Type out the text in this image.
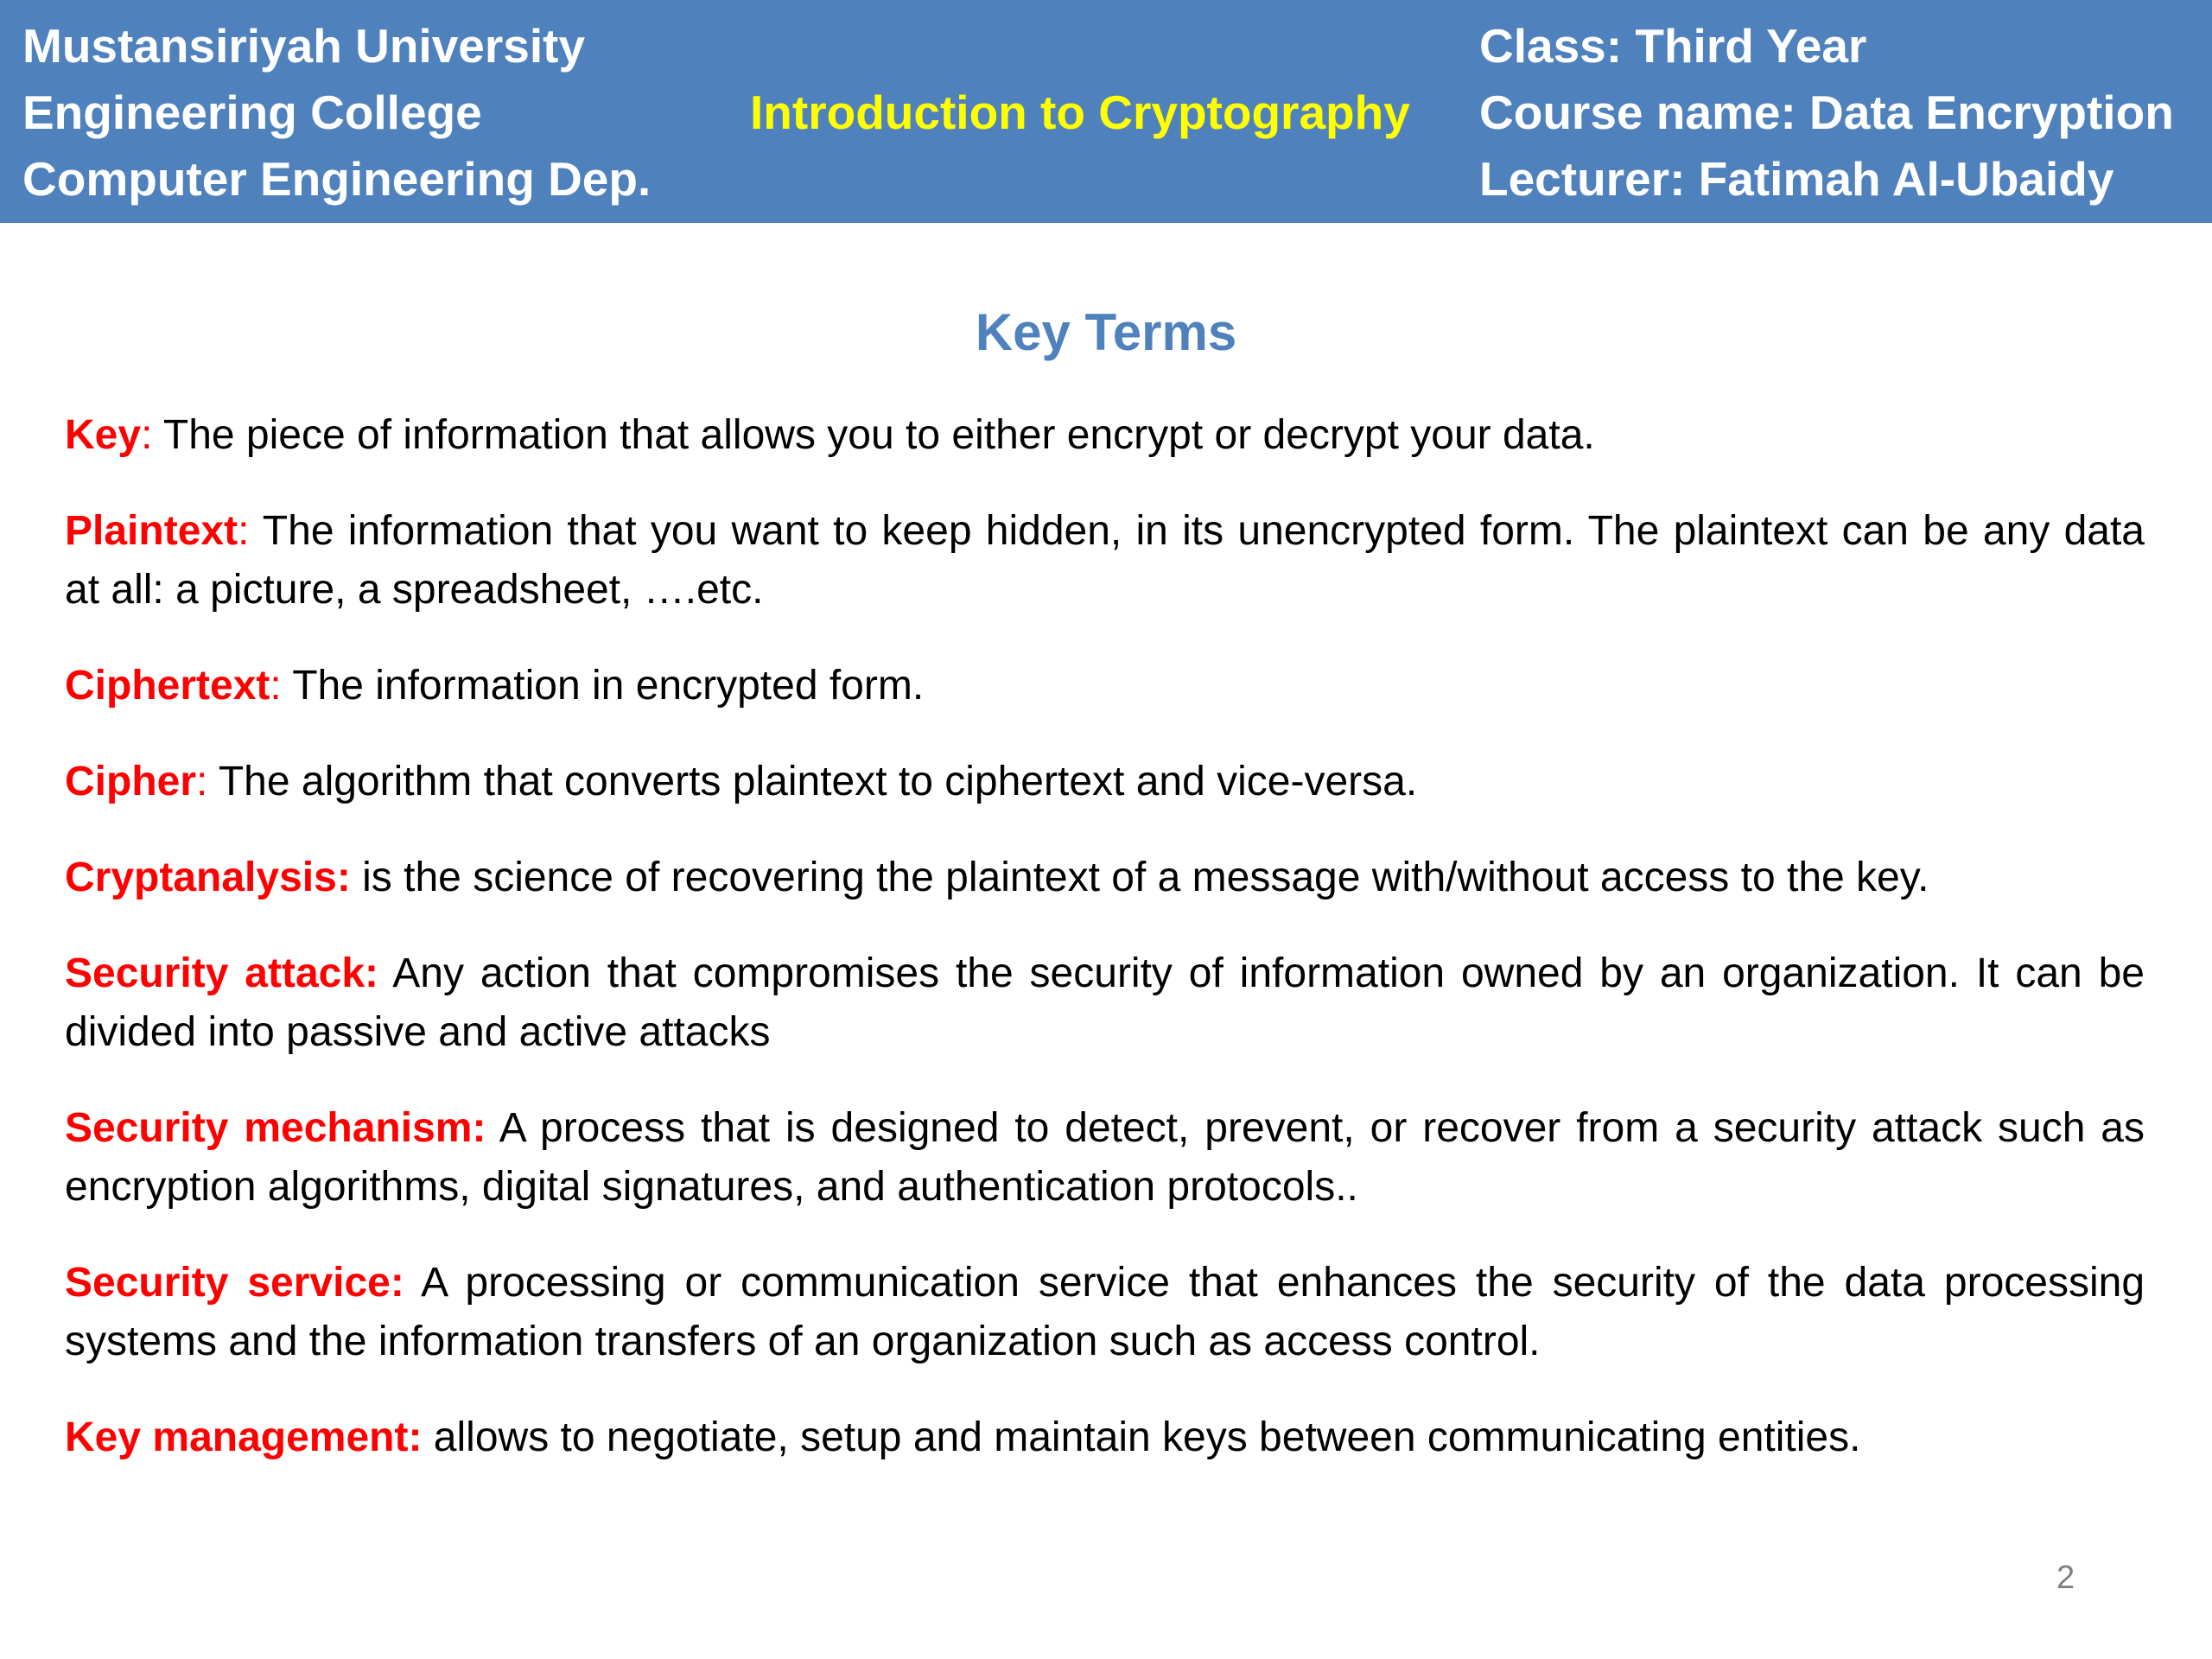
Mustansiriyah University
Engineering College
Computer Engineering Dep.
Introduction to Cryptography
Class: Third Year
Course name: Data Encryption
Lecturer: Fatimah Al-Ubaidy
Key Terms
Key: The piece of information that allows you to either encrypt or decrypt your data.
Plaintext: The information that you want to keep hidden, in its unencrypted form. The plaintext can be any data at all: a picture, a spreadsheet, ….etc.
Ciphertext: The information in encrypted form.
Cipher: The algorithm that converts plaintext to ciphertext and vice-versa.
Cryptanalysis: is the science of recovering the plaintext of a message with/without access to the key.
Security attack: Any action that compromises the security of information owned by an organization. It can be divided into passive and active attacks
Security mechanism: A process that is designed to detect, prevent, or recover from a security attack such as encryption algorithms, digital signatures, and authentication protocols..
Security service: A processing or communication service that enhances the security of the data processing systems and the information transfers of an organization such as access control.
Key management: allows to negotiate, setup and maintain keys between communicating entities.
2
